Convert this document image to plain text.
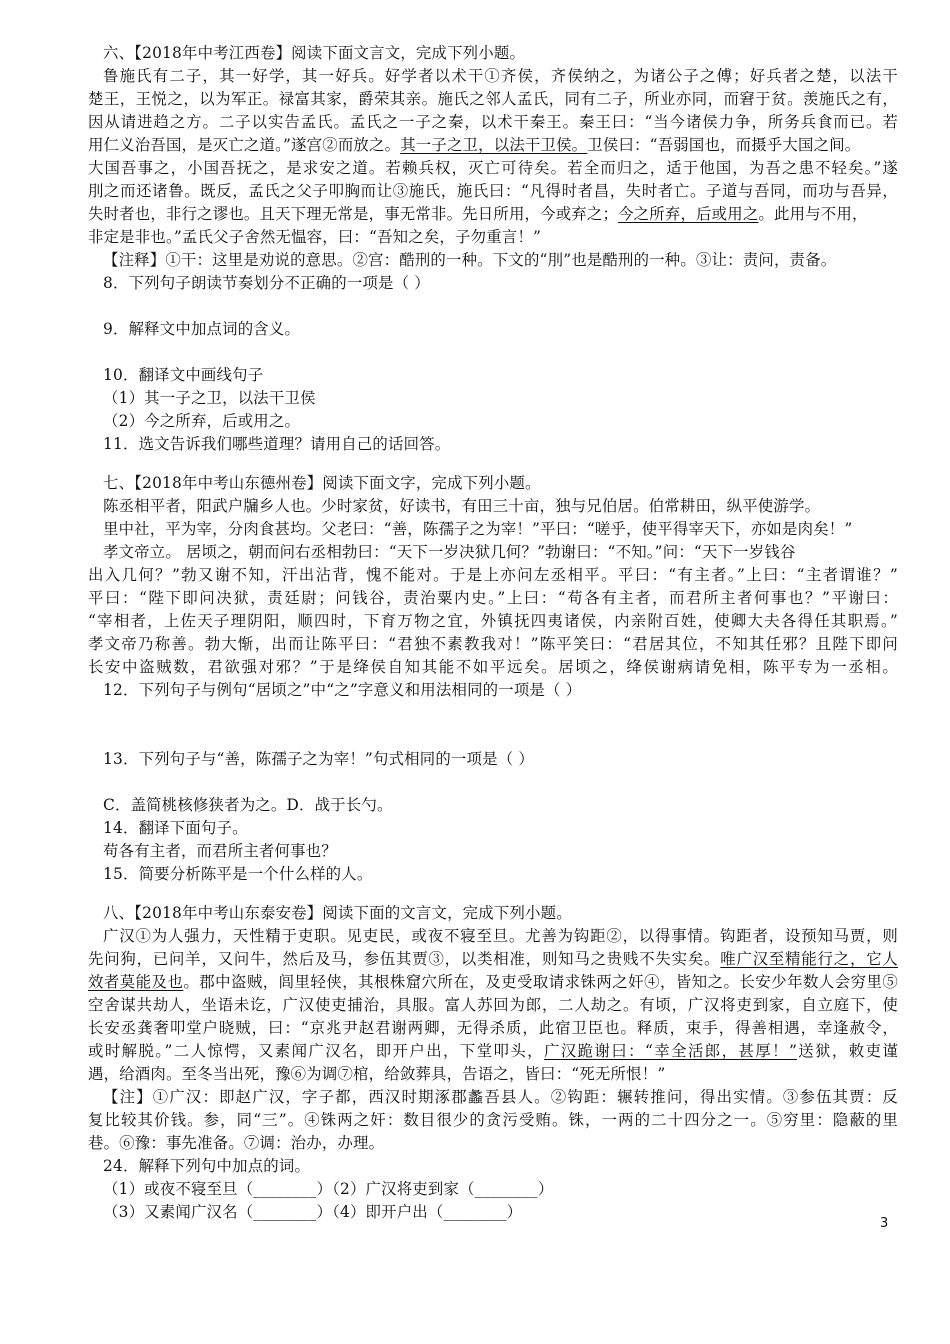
六、【2018年中考江西卷】阅读下面文言文，完成下列小题。
鲁施氏有二子，其一好学，其一好兵。好学者以术干①齐侯，齐侯纳之，为诸公子之傅；好兵者之楚，以法干
楚王，王悦之，以为军正。禄富其家，爵荣其亲。施氏之邻人孟氏，同有二子，所业亦同，而窘于贫。羡施氏之有，
因从请进趋之方。二子以实告孟氏。孟氏之一子之秦，以术干秦王。秦王曰：“当今诸侯力争，所务兵食而已。若
用仁义治吾国，是灭亡之道。”遂宫②而放之。其一子之卫，以法干卫侯。卫侯曰：“吾弱国也，而摄乎大国之间。
大国吾事之，小国吾抚之，是求安之道。若赖兵权，灭亡可待矣。若全而归之，适于他国，为吾之患不轻矣。”遂
刖之而还诸鲁。既反，孟氏之父子叩胸而让③施氏，施氏曰：“凡得时者昌，失时者亡。子道与吾同，而功与吾异，
失时者也，非行之谬也。且天下理无常是，事无常非。先日所用，今或弃之；今之所弃，后或用之。此用与不用，
非定是非也。”孟氏父子舍然无愠容，曰：“吾知之矣，子勿重言！”
【注释】①干：这里是劝说的意思。②宫：酷刑的一种。下文的“刖”也是酷刑的一种。③让：责问，责备。
8．下列句子朗读节奏划分不正确的一项是（ ）
9．解释文中加点词的含义。
10．翻译文中画线句子
（1）其一子之卫，以法干卫侯
（2）今之所弃，后或用之。
11．选文告诉我们哪些道理？请用自己的话回答。
七、【2018年中考山东德州卷】阅读下面文字，完成下列小题。
陈丞相平者，阳武户牖乡人也。少时家贫，好读书，有田三十亩，独与兄伯居。伯常耕田，纵平使游学。
里中社，平为宰，分肉食甚均。父老曰：“善，陈孺子之为宰！”平曰：“嗟乎，使平得宰天下，亦如是肉矣！”
孝文帝立。 居顷之，朝而问右丞相勃曰：“天下一岁决狱几何？”勃谢曰：“不知。”问：“天下一岁钱谷
出入几何？”勃又谢不知，汗出沾背，愧不能对。于是上亦问左丞相平。平曰：“有主者。”上曰：“主者谓谁？”
平曰：“陛下即问决狱，责廷尉；问钱谷，责治粟内史。”上曰：“苟各有主者，而君所主者何事也？”平谢曰：
“宰相者，上佐天子理阴阳，顺四时，下育万物之宜，外镇抚四夷诸侯，内亲附百姓，使卿大夫各得任其职焉。”
孝文帝乃称善。勃大惭，出而让陈平曰：“君独不素教我对！”陈平笑曰：“君居其位，不知其任邪？且陛下即问
长安中盗贼数，君欲强对邪？”于是绛侯自知其能不如平远矣。居顷之，绛侯谢病请免相，陈平专为一丞相。
12．下列句子与例句“居顷之”中“之”字意义和用法相同的一项是（ ）
13．下列句子与“善，陈孺子之为宰！”句式相同的一项是（ ）
C．盖简桃核修狭者为之。D．战于长勺。
14．翻译下面句子。
苟各有主者，而君所主者何事也？
15．简要分析陈平是一个什么样的人。
八、【2018年中考山东泰安卷】阅读下面的文言文，完成下列小题。
广汉①为人强力，天性精于吏职。见吏民，或夜不寝至旦。尤善为钩距②，以得事情。钩距者，设预知马贾，则
先问狗，已问羊，又问牛，然后及马，参伍其贾③，以类相准，则知马之贵贱不失实矣。唯广汉至精能行之，它人
效者莫能及也。郡中盗贼，闾里轻侠，其根株窟穴所在，及吏受取请求铢两之奸④，皆知之。长安少年数人会穷里⑤
空舍谋共劫人，坐语未讫，广汉使吏捕治，具服。富人苏回为郎，二人劫之。有顷，广汉将吏到家，自立庭下，使
长安丞龚奢叩堂户晓贼，曰：“京兆尹赵君谢两卿，无得杀质，此宿卫臣也。释质，束手，得善相遇，幸逢赦令，
或时解脱。”二人惊愕，又素闻广汉名，即开户出，下堂叩头，广汉跪谢曰：“幸全活郎，甚厚！”送狱，敕吏谨
遇，给酒肉。至冬当出死，豫⑥为调⑦棺，给敛葬具，告语之，皆曰：“死无所恨！”
【注】①广汉：即赵广汉，字子都，西汉时期涿郡蠡吾县人。②钩距：辗转推问，得出实情。③参伍其贾：反
复比较其价钱。参，同“三”。④铢两之奸：数目很少的贪污受贿。铢，一两的二十四分之一。⑤穷里：隐蔽的里
巷。⑥豫：事先准备。⑦调：治办，办理。
24．解释下列句中加点的词。
（1）或夜不寝至旦（________）（2）广汉将吏到家（________）
（3）又素闻广汉名（________）（4）即开户出（________）
3
